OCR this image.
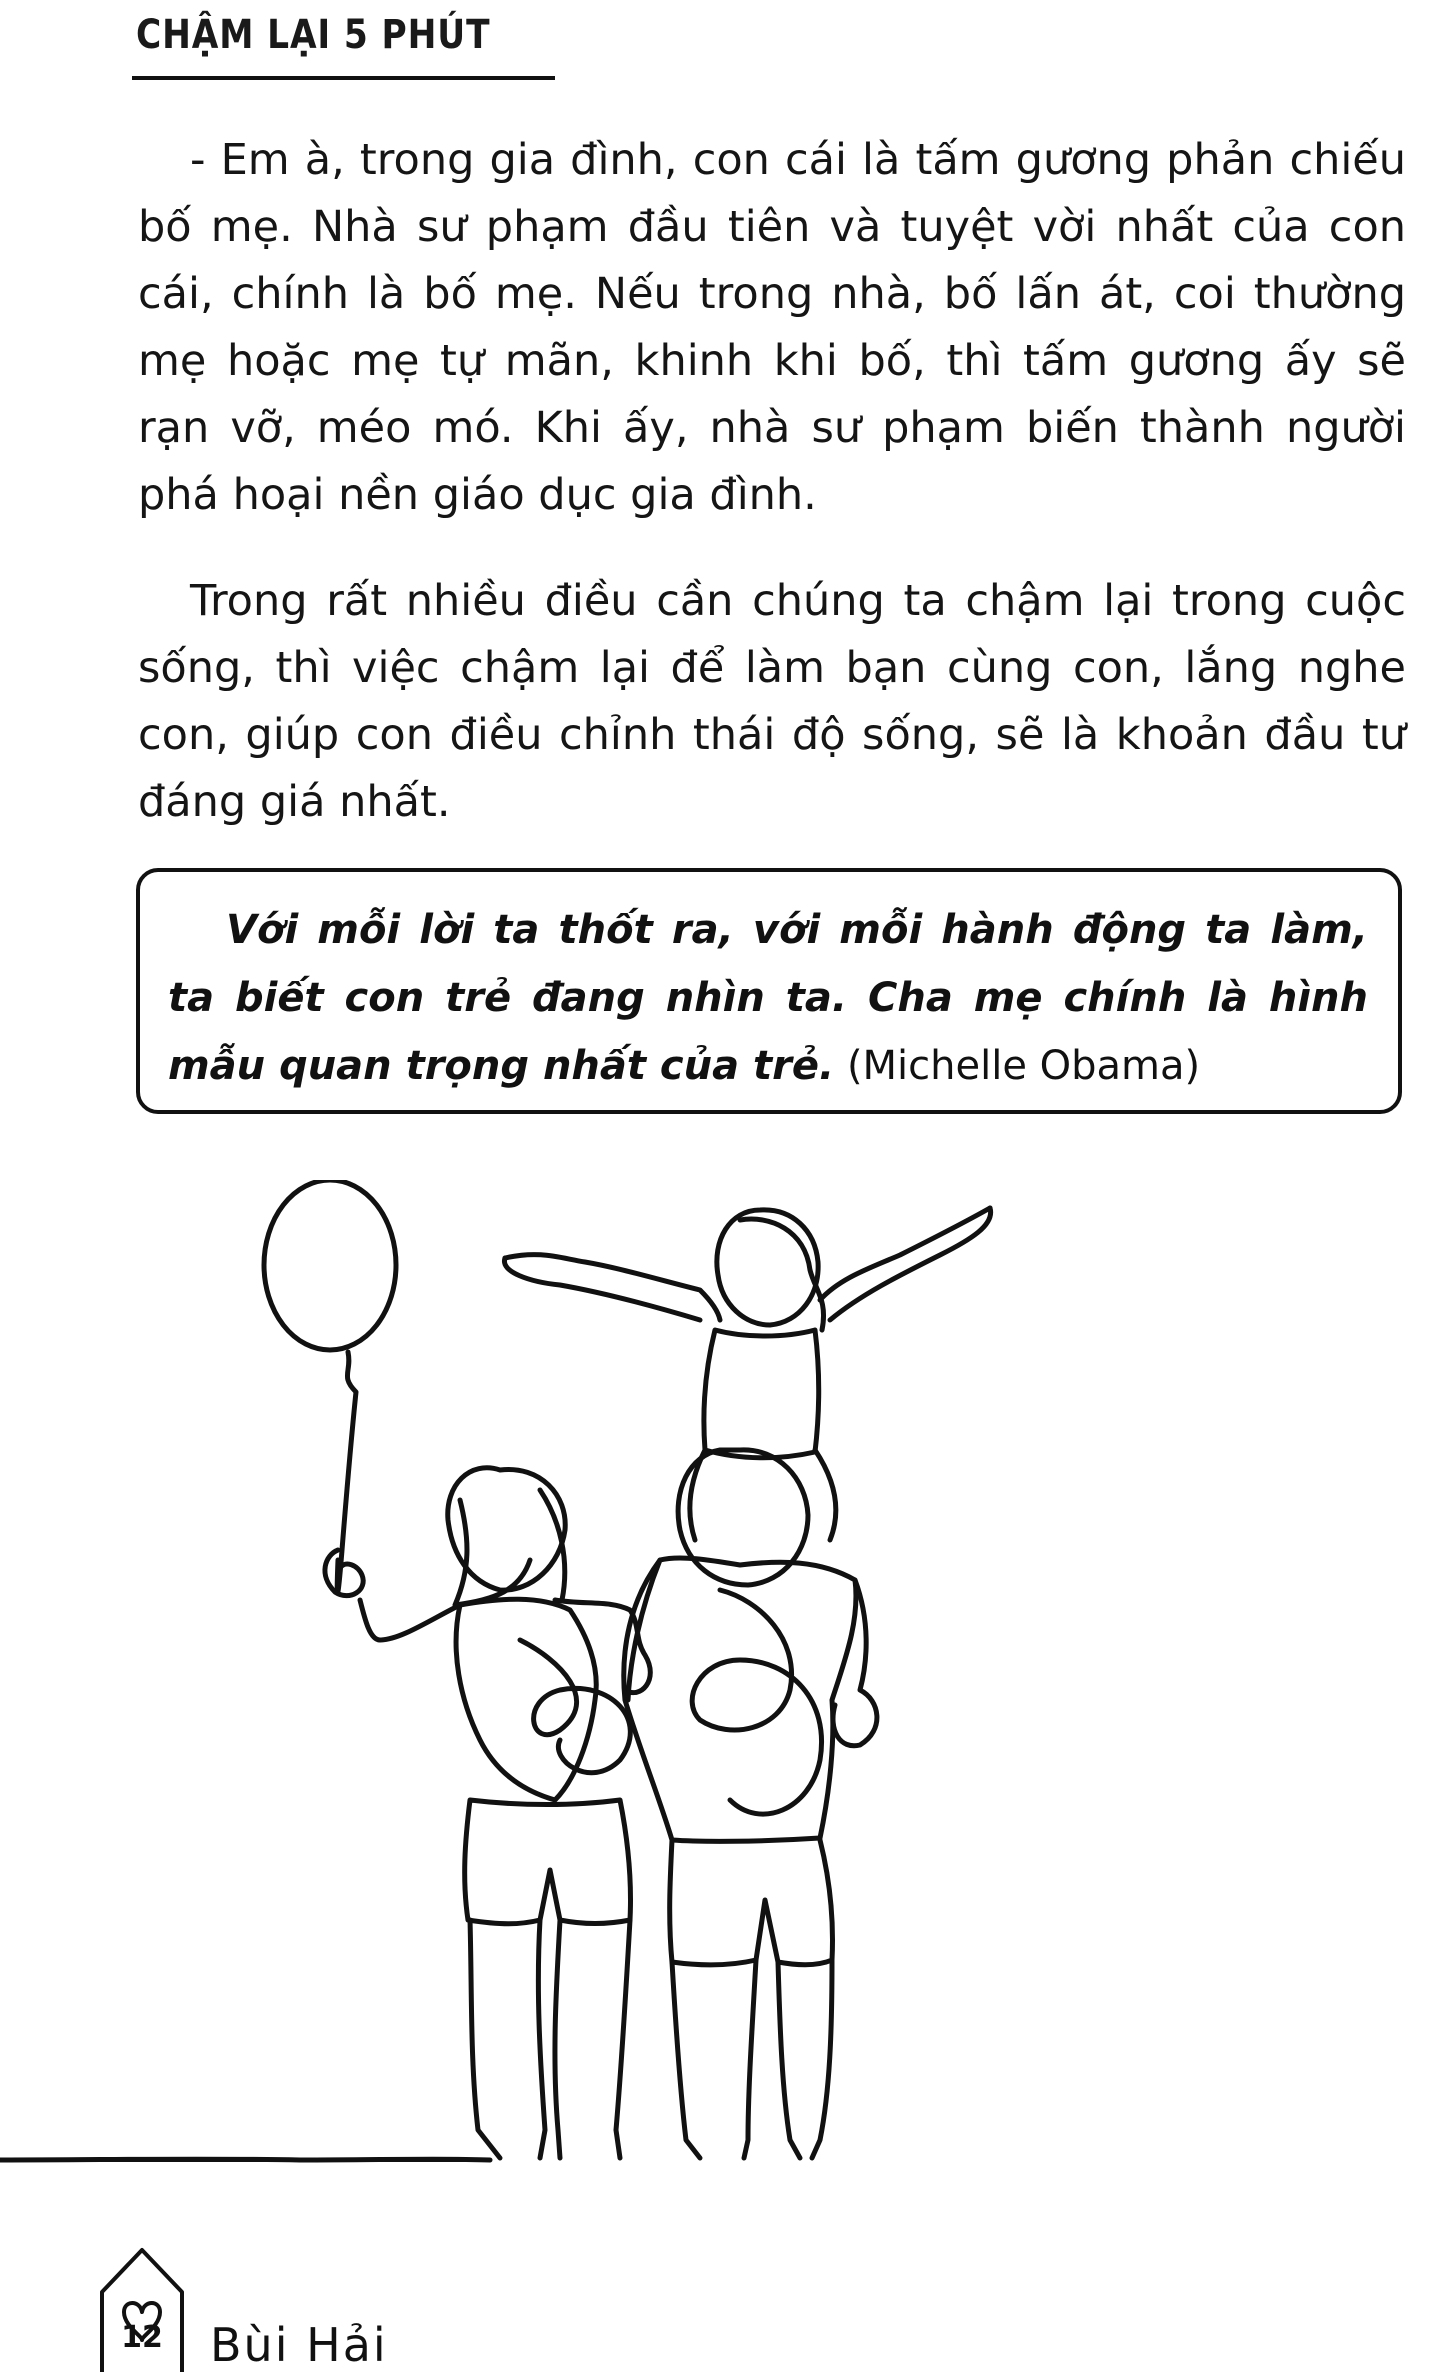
CHẬM LẠI 5 PHÚT

- Em à, trong gia đình, con cái là tấm gương phản chiếu bố mẹ. Nhà sư phạm đầu tiên và tuyệt vời nhất của con cái, chính là bố mẹ. Nếu trong nhà, bố lấn át, coi thường mẹ hoặc mẹ tự mãn, khinh khi bố, thì tấm gương ấy sẽ rạn vỡ, méo mó. Khi ấy, nhà sư phạm biến thành người phá hoại nền giáo dục gia đình.

Trong rất nhiều điều cần chúng ta chậm lại trong cuộc sống, thì việc chậm lại để làm bạn cùng con, lắng nghe con, giúp con điều chỉnh thái độ sống, sẽ là khoản đầu tư đáng giá nhất.

Với mỗi lời ta thốt ra, với mỗi hành động ta làm, ta biết con trẻ đang nhìn ta. Cha mẹ chính là hình mẫu quan trọng nhất của trẻ. (Michelle Obama)

12	Bùi Hải
